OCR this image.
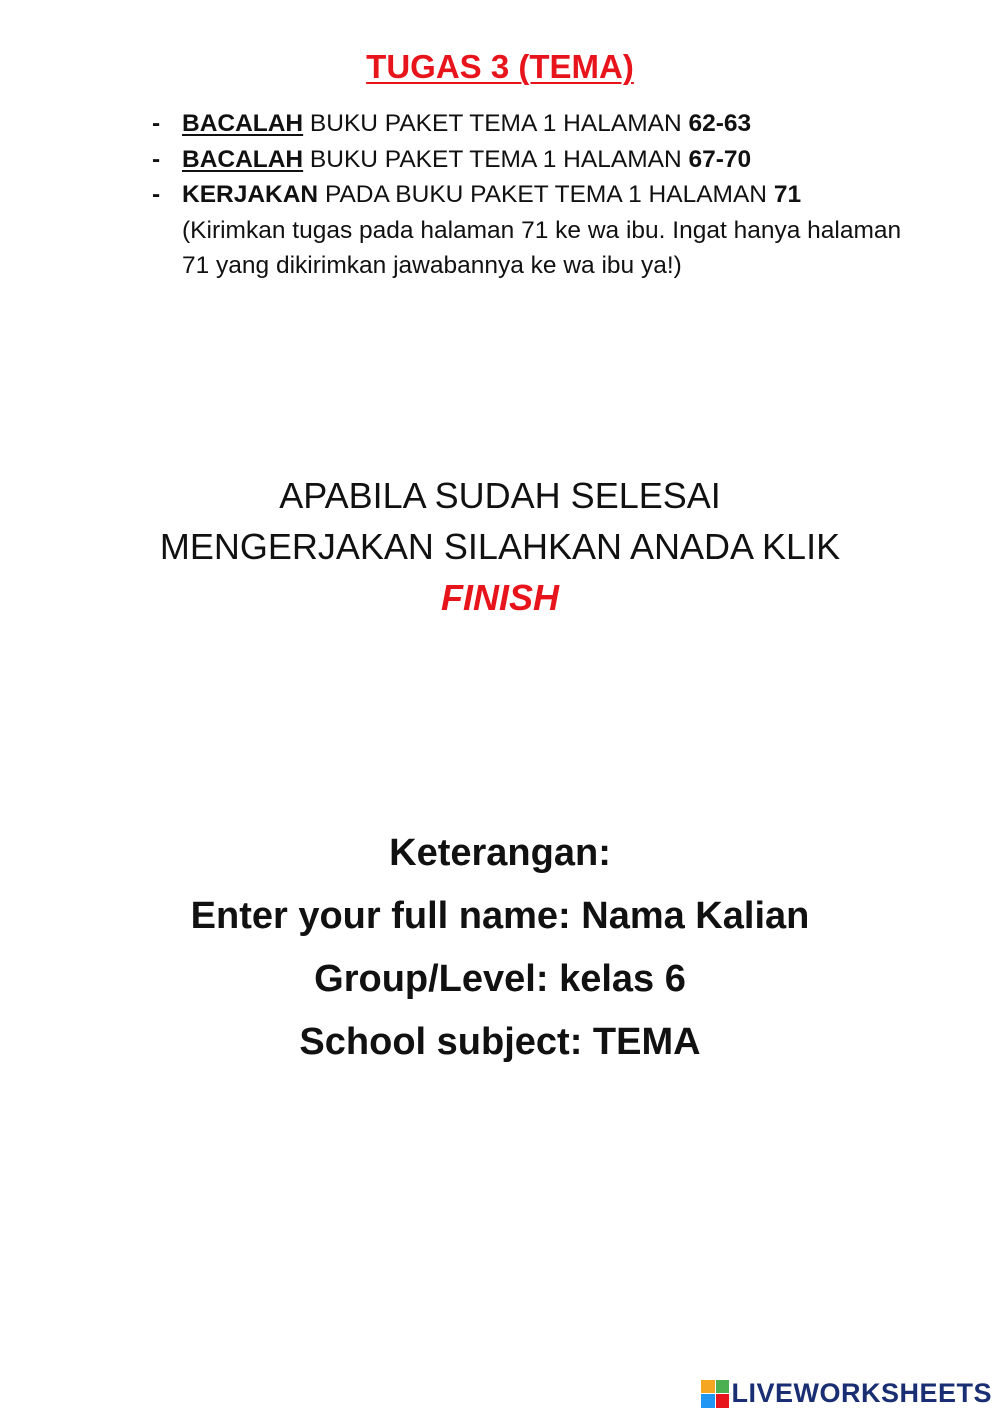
TUGAS 3 (TEMA)
- BACALAH BUKU PAKET TEMA 1 HALAMAN 62-63
- BACALAH BUKU PAKET TEMA 1 HALAMAN 67-70
- KERJAKAN PADA BUKU PAKET TEMA 1 HALAMAN 71
(Kirimkan tugas pada halaman 71 ke wa ibu. Ingat hanya halaman 71 yang dikirimkan jawabannya ke wa ibu ya!)
APABILA SUDAH SELESAI
MENGERJAKAN SILAHKAN ANADA KLIK
FINISH
Keterangan:
Enter your full name: Nama Kalian
Group/Level: kelas 6
School subject: TEMA
LIVEWORKSHEETS
